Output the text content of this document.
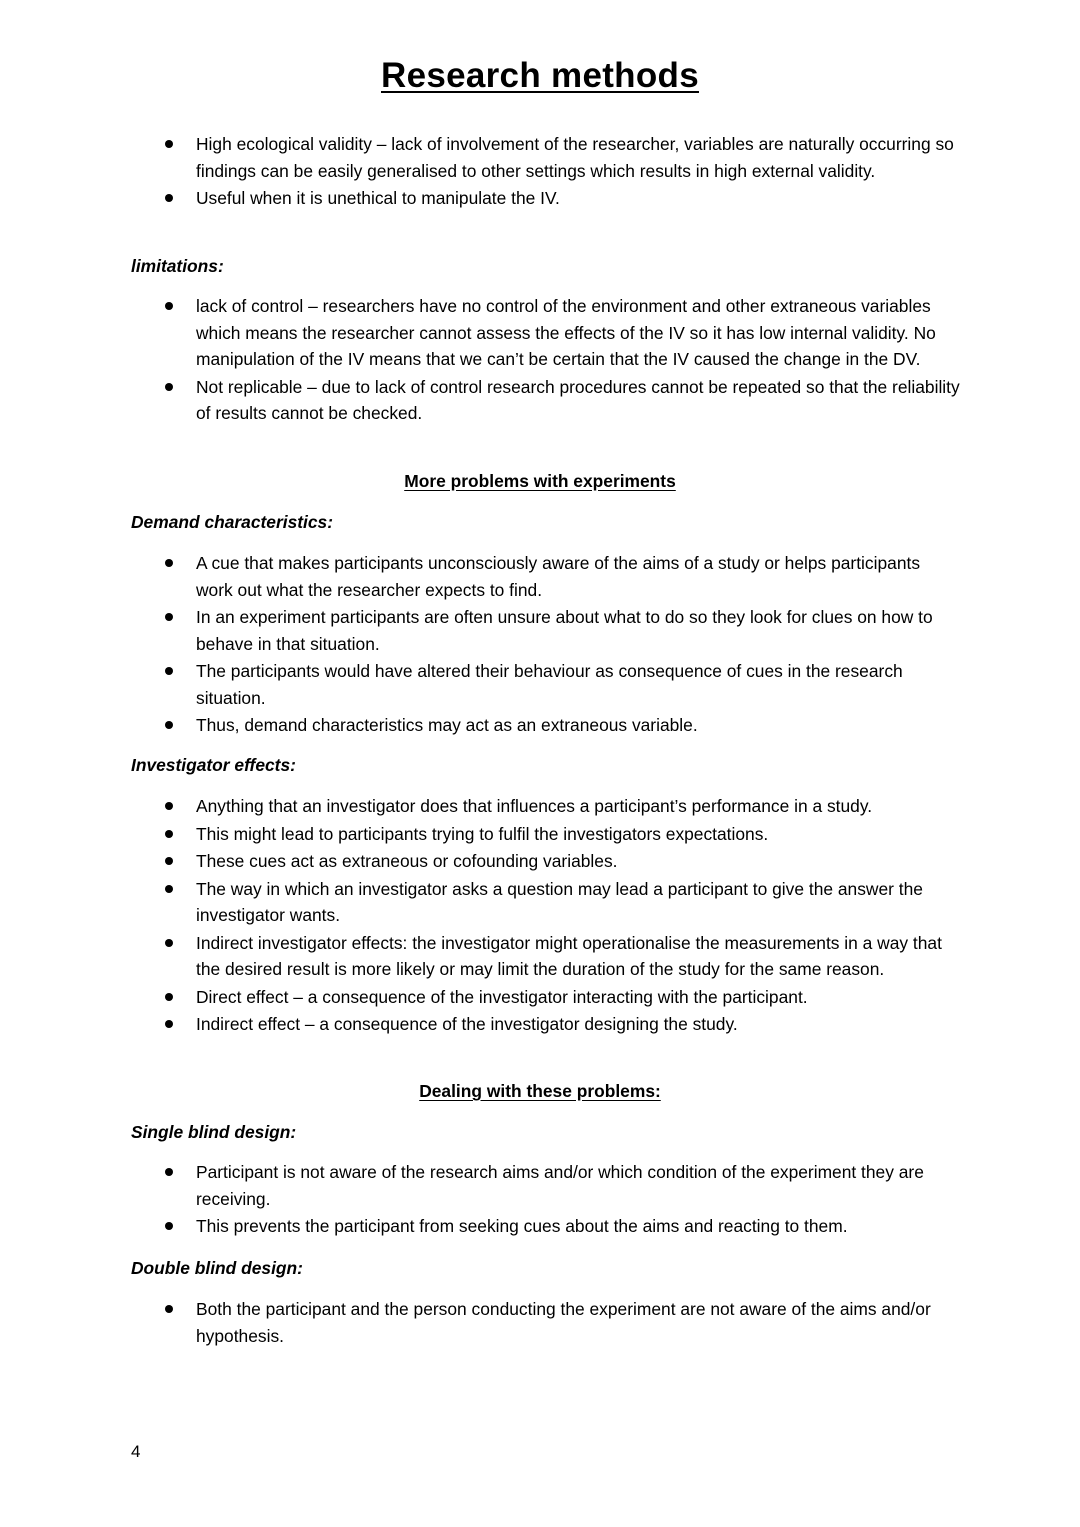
Research methods
High ecological validity – lack of involvement of the researcher, variables are naturally occurring so findings can be easily generalised to other settings which results in high external validity.
Useful when it is unethical to manipulate the IV.
limitations:
lack of control – researchers have no control of the environment and other extraneous variables which means the researcher cannot assess the effects of the IV so it has low internal validity. No manipulation of the IV means that we can’t be certain that the IV caused the change in the DV.
Not replicable – due to lack of control research procedures cannot be repeated so that the reliability of results cannot be checked.
More problems with experiments
Demand characteristics:
A cue that makes participants unconsciously aware of the aims of a study or helps participants work out what the researcher expects to find.
In an experiment participants are often unsure about what to do so they look for clues on how to behave in that situation.
The participants would have altered their behaviour as consequence of cues in the research situation.
Thus, demand characteristics may act as an extraneous variable.
Investigator effects:
Anything that an investigator does that influences a participant’s performance in a study.
This might lead to participants trying to fulfil the investigators expectations.
These cues act as extraneous or cofounding variables.
The way in which an investigator asks a question may lead a participant to give the answer the investigator wants.
Indirect investigator effects: the investigator might operationalise the measurements in a way that the desired result is more likely or may limit the duration of the study for the same reason.
Direct effect – a consequence of the investigator interacting with the participant.
Indirect effect – a consequence of the investigator designing the study.
Dealing with these problems:
Single blind design:
Participant is not aware of the research aims and/or which condition of the experiment they are receiving.
This prevents the participant from seeking cues about the aims and reacting to them.
Double blind design:
Both the participant and the person conducting the experiment are not aware of the aims and/or hypothesis.
4
